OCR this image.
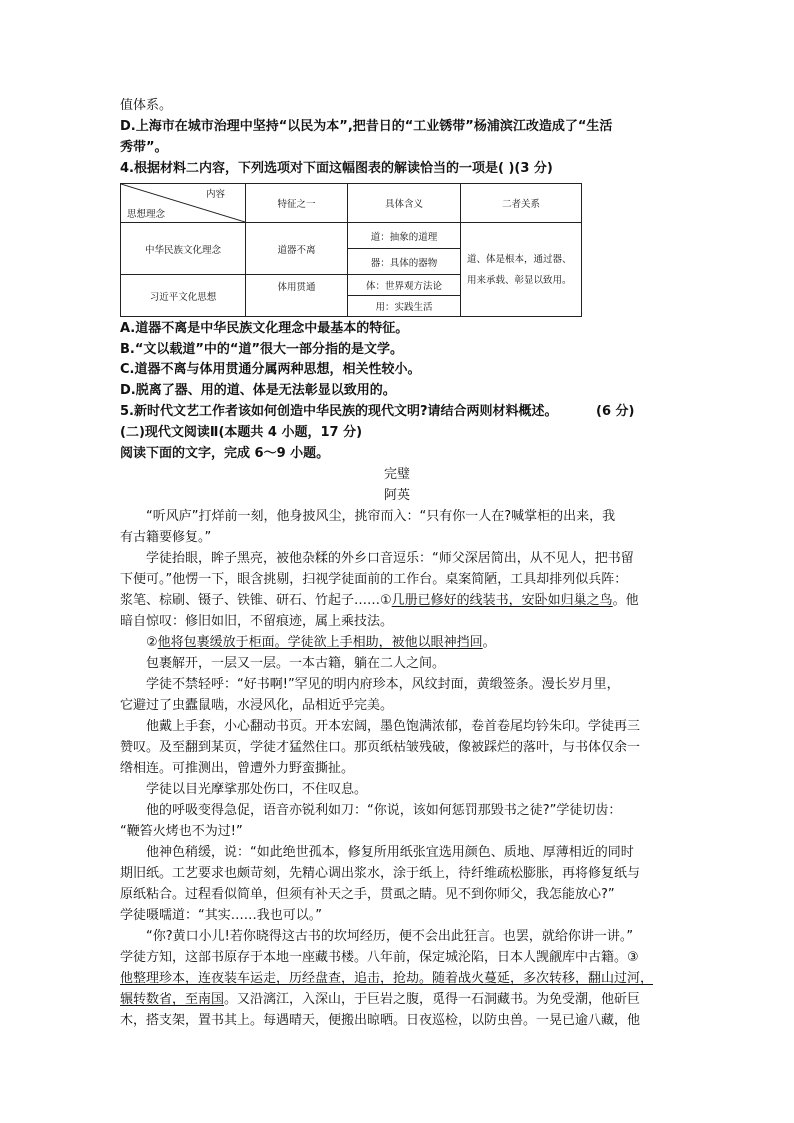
值体系。
D.上海市在城市治理中坚持“以民为本”,把昔日的“工业锈带”杨浦滨江改造成了“生活
秀带”。
4.根据材料二内容，下列选项对下面这幅图表的解读恰当的一项是( )(3 分)
内容
思想理念	特征之一	具体含义	二者关系
中华民族文化理念	道器不离	道：抽象的道理	道、体是根本，通过器、用来承载、彰显以致用。
		器：具体的器物	
习近平文化思想	体用贯通	体：世界观方法论	
		用：实践生活	
A.道器不离是中华民族文化理念中最基本的特征。
B.“文以载道”中的“道”很大一部分指的是文学。
C.道器不离与体用贯通分属两种思想，相关性较小。
D.脱离了器、用的道、体是无法彰显以致用的。
5.新时代文艺工作者该如何创造中华民族的现代文明?请结合两则材料概述。	(6 分)
(二)现代文阅读Ⅱ(本题共 4 小题，17 分)
阅读下面的文字，完成 6～9 小题。
完璧
阿英
“听风庐”打烊前一刻，他身披风尘，挑帘而入：“只有你一人在?喊掌柜的出来，我
有古籍要修复。”
学徒抬眼，眸子黑亮，被他杂糅的外乡口音逗乐：“师父深居简出，从不见人，把书留
下便可。”他愣一下，眼含挑剔，扫视学徒面前的工作台。桌案简陋，工具却排列似兵阵：
浆笔、棕刷、镊子、铁锥、研石、竹起子……①几册已修好的线装书，安卧如归巢之鸟。他
暗自惊叹：修旧如旧，不留痕迹，属上乘技法。
②他将包裹缓放于柜面。学徒欲上手相助，被他以眼神挡回。
包裹解开，一层又一层。一本古籍，躺在二人之间。
学徒不禁轻呼：“好书啊!”罕见的明内府珍本，风纹封面，黄缎签条。漫长岁月里，
它避过了虫蠹鼠啮，水浸风化，品相近乎完美。
他戴上手套，小心翻动书页。开本宏阔，墨色饱满浓郁，卷首卷尾均钤朱印。学徒再三
赞叹。及至翻到某页，学徒才猛然住口。那页纸枯皱残破，像被踩烂的落叶，与书体仅余一
绺相连。可推测出，曾遭外力野蛮撕扯。
学徒以目光摩挲那处伤口，不住叹息。
他的呼吸变得急促，语音亦锐利如刀：“你说，该如何惩罚那毁书之徒?”学徒切齿：
“鞭笞火烤也不为过!”
他神色稍缓，说：“如此绝世孤本，修复所用纸张宜选用颜色、质地、厚薄相近的同时
期旧纸。工艺要求也颇苛刻，先精心调出浆水，涂于纸上，待纤维疏松膨胀，再将修复纸与
原纸粘合。过程看似简单，但须有补天之手，贯虱之睛。见不到你师父，我怎能放心?”
学徒嗫嚅道：“其实……我也可以。”
“你?黄口小儿!若你晓得这古书的坎坷经历，便不会出此狂言。也罢，就给你讲一讲。”
学徒方知，这部书原存于本地一座藏书楼。八年前，保定城沦陷，日本人觊觎库中古籍。③
他整理珍本，连夜装车运走，历经盘查，追击，抢劫。随着战火蔓延，多次转移，翻山过河，
辗转数省，至南国。又沿漓江，入深山，于巨岩之腹，觅得一石洞藏书。为免受潮，他斫巨
木，搭支架，置书其上。每遇晴天，便搬出晾晒。日夜巡检，以防虫兽。一晃已逾八藏，他
